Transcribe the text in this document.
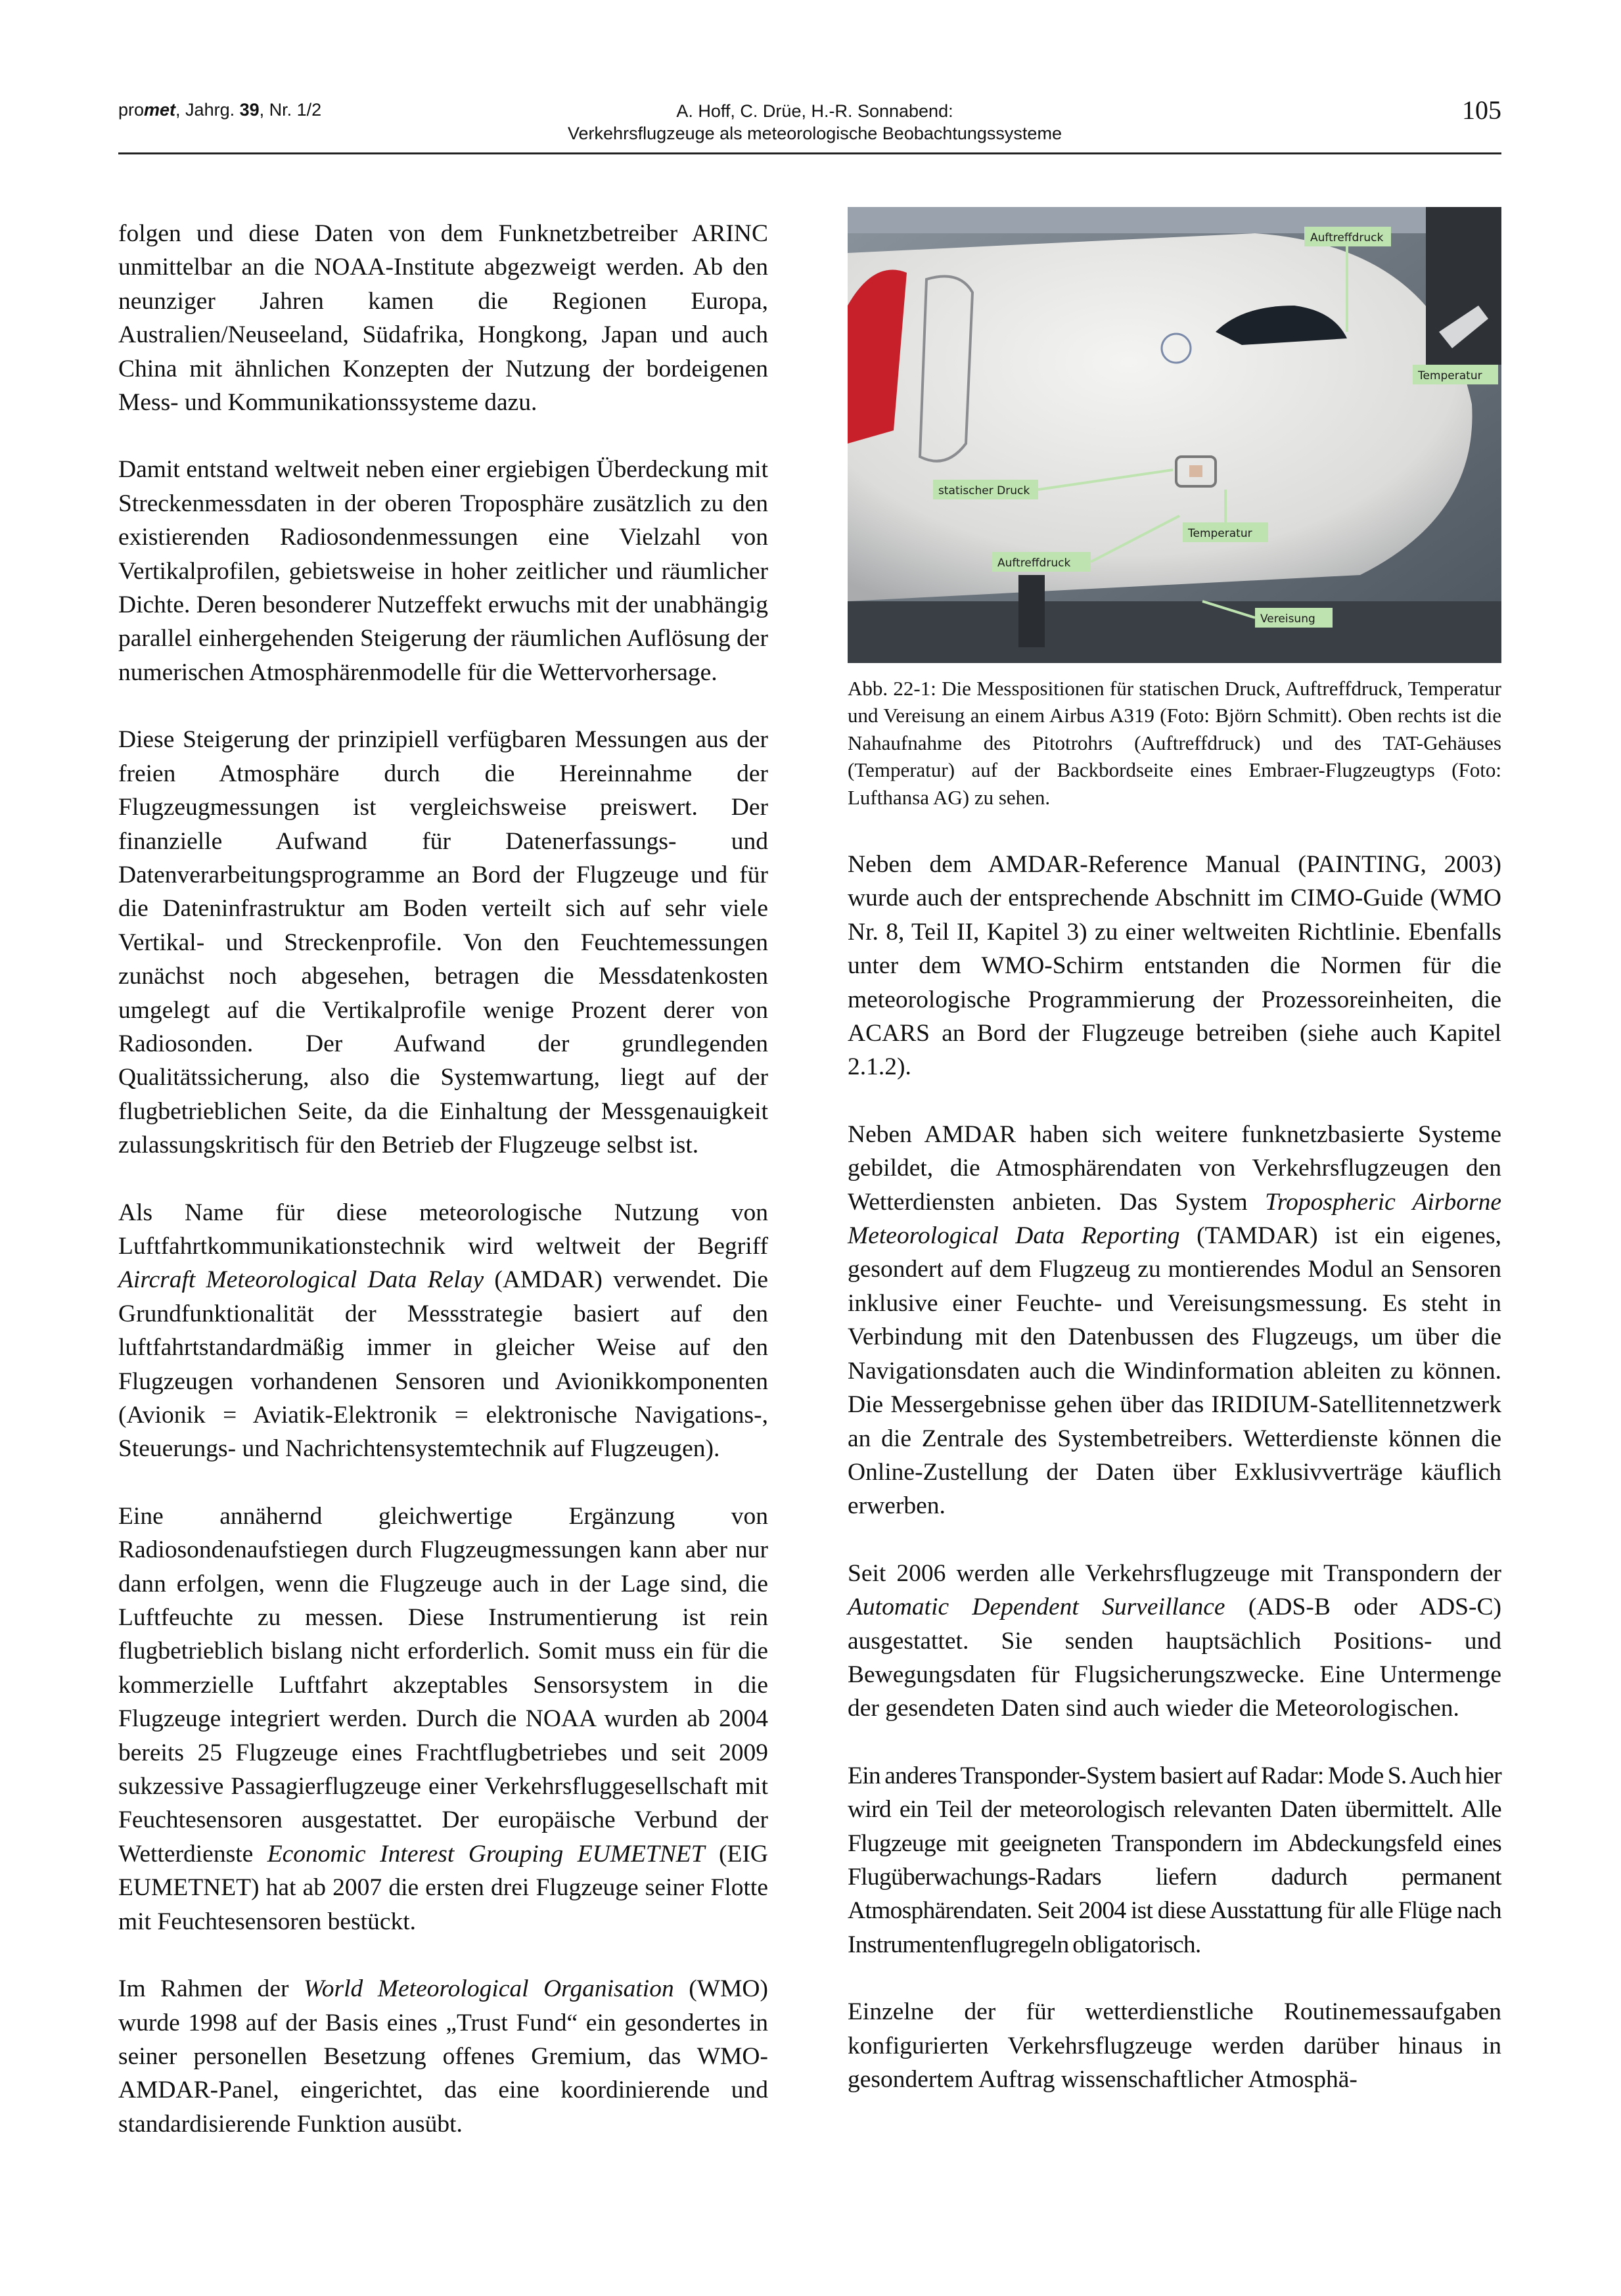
promet, Jahrg. 39, Nr. 1/2	A. Hoff, C. Drüe, H.-R. Sonnabend:
Verkehrsflugzeuge als meteorologische Beobachtungssysteme
105

folgen und diese Daten von dem Funknetzbetreiber ARINC unmittelbar an die NOAA-Institute abgezweigt werden. Ab den neunziger Jahren kamen die Regionen Europa, Australien/Neuseeland, Südafrika, Hongkong, Japan und auch China mit ähnlichen Konzepten der Nutzung der bordeigenen Mess- und Kommunikationssysteme dazu.

Damit entstand weltweit neben einer ergiebigen Überdeckung mit Streckenmessdaten in der oberen Troposphäre zusätzlich zu den existierenden Radiosondenmessungen eine Vielzahl von Vertikalprofilen, gebietsweise in hoher zeitlicher und räumlicher Dichte. Deren besonderer Nutzeffekt erwuchs mit der unabhängig parallel einhergehenden Steigerung der räumlichen Auflösung der numerischen Atmosphärenmodelle für die Wettervorhersage.

Diese Steigerung der prinzipiell verfügbaren Messungen aus der freien Atmosphäre durch die Hereinnahme der Flugzeugmessungen ist vergleichsweise preiswert. Der finanzielle Aufwand für Datenerfassungs- und Datenverarbeitungsprogramme an Bord der Flugzeuge und für die Dateninfrastruktur am Boden verteilt sich auf sehr viele Vertikal- und Streckenprofile. Von den Feuchtemessungen zunächst noch abgesehen, betragen die Messdatenkosten umgelegt auf die Vertikalprofile wenige Prozent derer von Radiosonden. Der Aufwand der grundlegenden Qualitätssicherung, also die Systemwartung, liegt auf der flugbetrieblichen Seite, da die Einhaltung der Messgenauigkeit zulassungskritisch für den Betrieb der Flugzeuge selbst ist.

Als Name für diese meteorologische Nutzung von Luftfahrtkommunikationstechnik wird weltweit der Begriff Aircraft Meteorological Data Relay (AMDAR) verwendet. Die Grundfunktionalität der Messstrategie basiert auf den luftfahrtstandardmäßig immer in gleicher Weise auf den Flugzeugen vorhandenen Sensoren und Avionikkomponenten (Avionik = Aviatik-Elektronik = elektronische Navigations-, Steuerungs- und Nachrichtensystemtechnik auf Flugzeugen).

Eine annähernd gleichwertige Ergänzung von Radiosondenaufstiegen durch Flugzeugmessungen kann aber nur dann erfolgen, wenn die Flugzeuge auch in der Lage sind, die Luftfeuchte zu messen. Diese Instrumentierung ist rein flugbetrieblich bislang nicht erforderlich. Somit muss ein für die kommerzielle Luftfahrt akzeptables Sensorsystem in die Flugzeuge integriert werden. Durch die NOAA wurden ab 2004 bereits 25 Flugzeuge eines Frachtflugbetriebes und seit 2009 sukzessive Passagierflugzeuge einer Verkehrsfluggesellschaft mit Feuchtesensoren ausgestattet. Der europäische Verbund der Wetterdienste Economic Interest Grouping EUMETNET (EIG EUMETNET) hat ab 2007 die ersten drei Flugzeuge seiner Flotte mit Feuchtesensoren bestückt.

Im Rahmen der World Meteorological Organisation (WMO) wurde 1998 auf der Basis eines „Trust Fund“ ein gesondertes in seiner personellen Besetzung offenes Gremium, das WMO-AMDAR-Panel, eingerichtet, das eine koordinierende und standardisierende Funktion ausübt.

Auftreffdruck
Temperatur
statischer Druck
Auftreffdruck
Temperatur
Vereisung
Abb. 22-1: Die Messpositionen für statischen Druck, Auftreffdruck, Temperatur und Vereisung an einem Airbus A319 (Foto: Björn Schmitt). Oben rechts ist die Nahaufnahme des Pitotrohrs (Auftreffdruck) und des TAT-Gehäuses (Temperatur) auf der Backbordseite eines Embraer-Flugzeugtyps (Foto: Lufthansa AG) zu sehen.

Neben dem AMDAR-Reference Manual (PAINTING, 2003) wurde auch der entsprechende Abschnitt im CIMO-Guide (WMO Nr. 8, Teil II, Kapitel 3) zu einer weltweiten Richtlinie. Ebenfalls unter dem WMO-Schirm entstanden die Normen für die meteorologische Programmierung der Prozessoreinheiten, die ACARS an Bord der Flugzeuge betreiben (siehe auch Kapitel 2.1.2).

Neben AMDAR haben sich weitere funknetzbasierte Systeme gebildet, die Atmosphärendaten von Verkehrsflugzeugen den Wetterdiensten anbieten. Das System Tropospheric Airborne Meteorological Data Reporting (TAMDAR) ist ein eigenes, gesondert auf dem Flugzeug zu montierendes Modul an Sensoren inklusive einer Feuchte- und Vereisungsmessung. Es steht in Verbindung mit den Datenbussen des Flugzeugs, um über die Navigationsdaten auch die Windinformation ableiten zu können. Die Messergebnisse gehen über das IRIDIUM-Satellitennetzwerk an die Zentrale des Systembetreibers. Wetterdienste können die Online-Zustellung der Daten über Exklusivverträge käuflich erwerben.

Seit 2006 werden alle Verkehrsflugzeuge mit Transpondern der Automatic Dependent Surveillance (ADS-B oder ADS-C) ausgestattet. Sie senden hauptsächlich Positions- und Bewegungsdaten für Flugsicherungszwecke. Eine Untermenge der gesendeten Daten sind auch wieder die Meteorologischen.

Ein anderes Transponder-System basiert auf Radar: Mode S. Auch hier wird ein Teil der meteorologisch relevanten Daten übermittelt. Alle Flugzeuge mit geeigneten Transpondern im Abdeckungsfeld eines Flugüberwachungs-Radars liefern dadurch permanent Atmosphärendaten. Seit 2004 ist diese Ausstattung für alle Flüge nach Instrumentenflugregeln obligatorisch.

Einzelne der für wetterdienstliche Routinemessaufgaben konfigurierten Verkehrsflugzeuge werden darüber hinaus in gesondertem Auftrag wissenschaftlicher Atmosphä-
